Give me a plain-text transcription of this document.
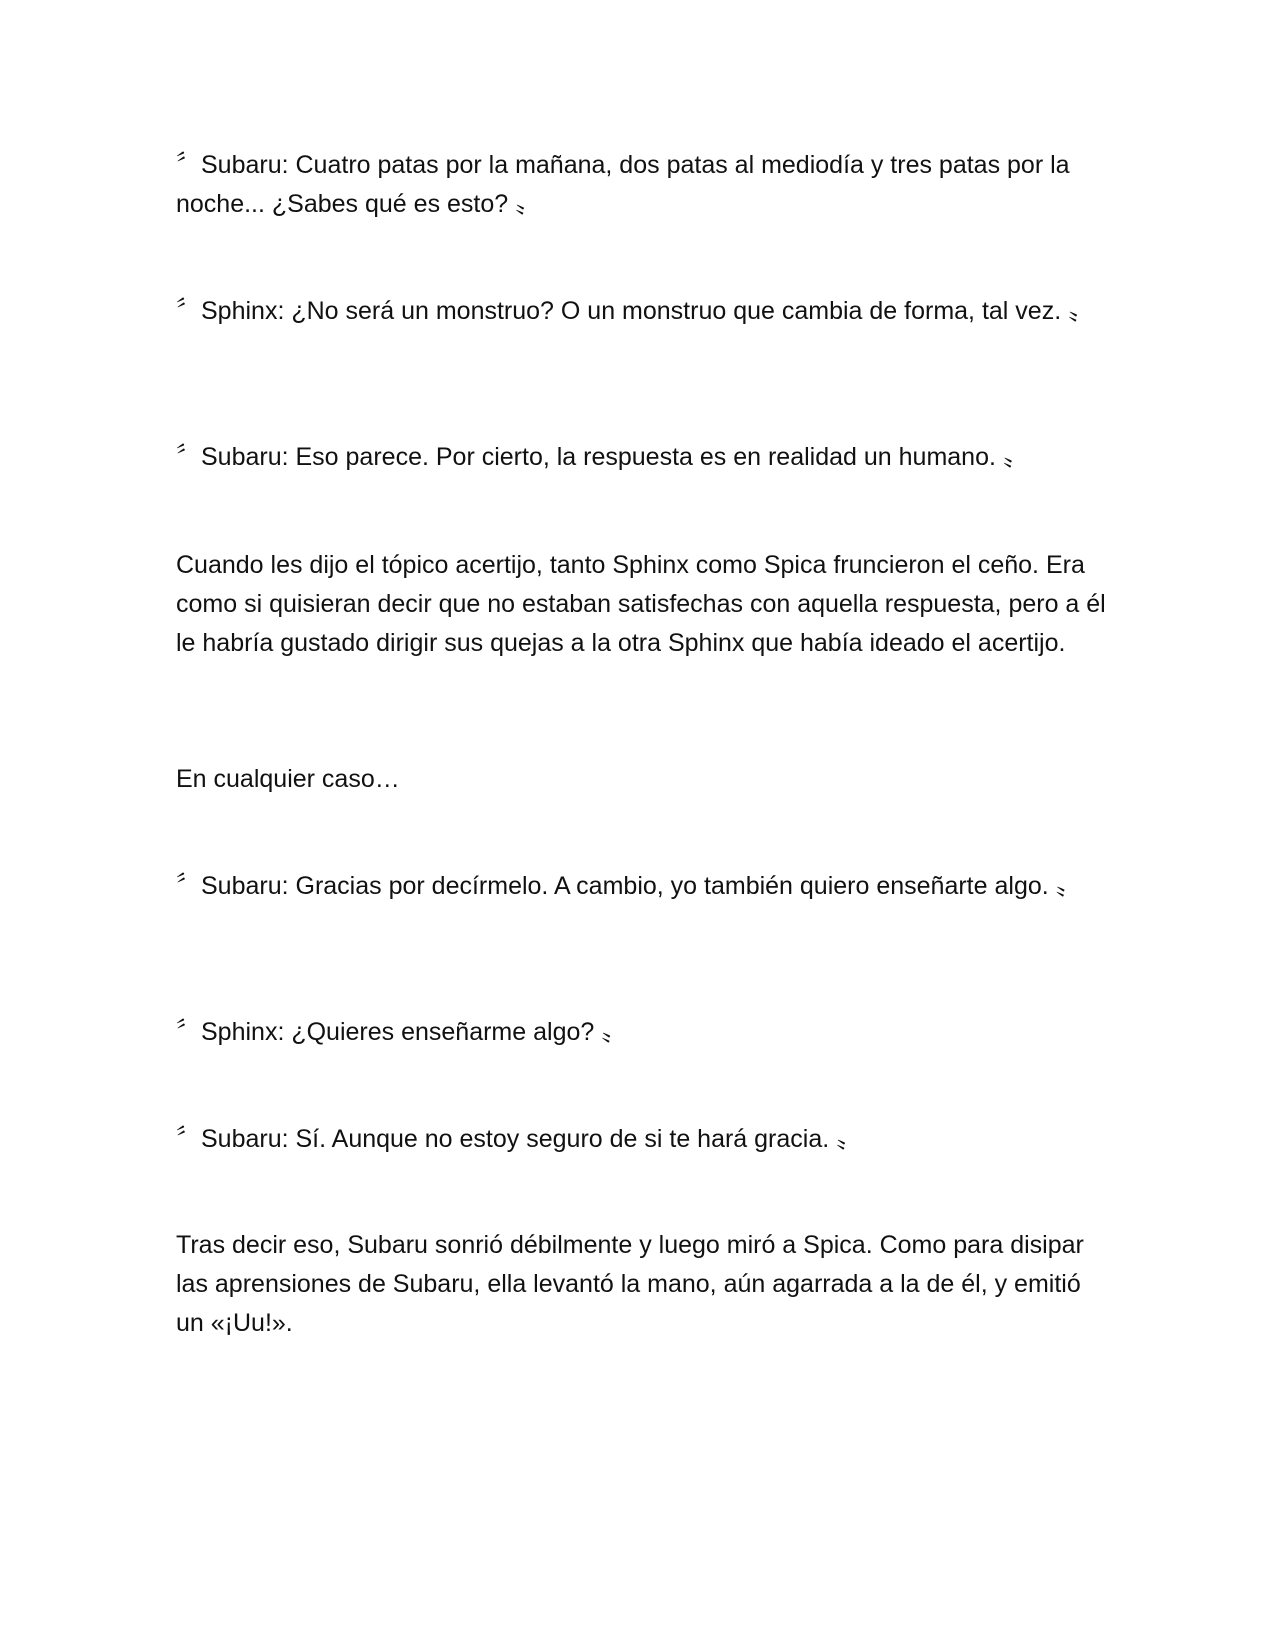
〞Subaru: Cuatro patas por la mañana, dos patas al mediodía y tres patas por la noche... ¿Sabes qué es esto? 〟

〞Sphinx: ¿No será un monstruo? O un monstruo que cambia de forma, tal vez. 〟

〞Subaru: Eso parece. Por cierto, la respuesta es en realidad un humano. 〟

Cuando les dijo el tópico acertijo, tanto Sphinx como Spica fruncieron el ceño. Era como si quisieran decir que no estaban satisfechas con aquella respuesta, pero a él le habría gustado dirigir sus quejas a la otra Sphinx que había ideado el acertijo.

En cualquier caso…

〞Subaru: Gracias por decírmelo. A cambio, yo también quiero enseñarte algo. 〟

〞Sphinx: ¿Quieres enseñarme algo? 〟

〞Subaru: Sí. Aunque no estoy seguro de si te hará gracia. 〟

Tras decir eso, Subaru sonrió débilmente y luego miró a Spica. Como para disipar las aprensiones de Subaru, ella levantó la mano, aún agarrada a la de él, y emitió un «¡Uu!».
